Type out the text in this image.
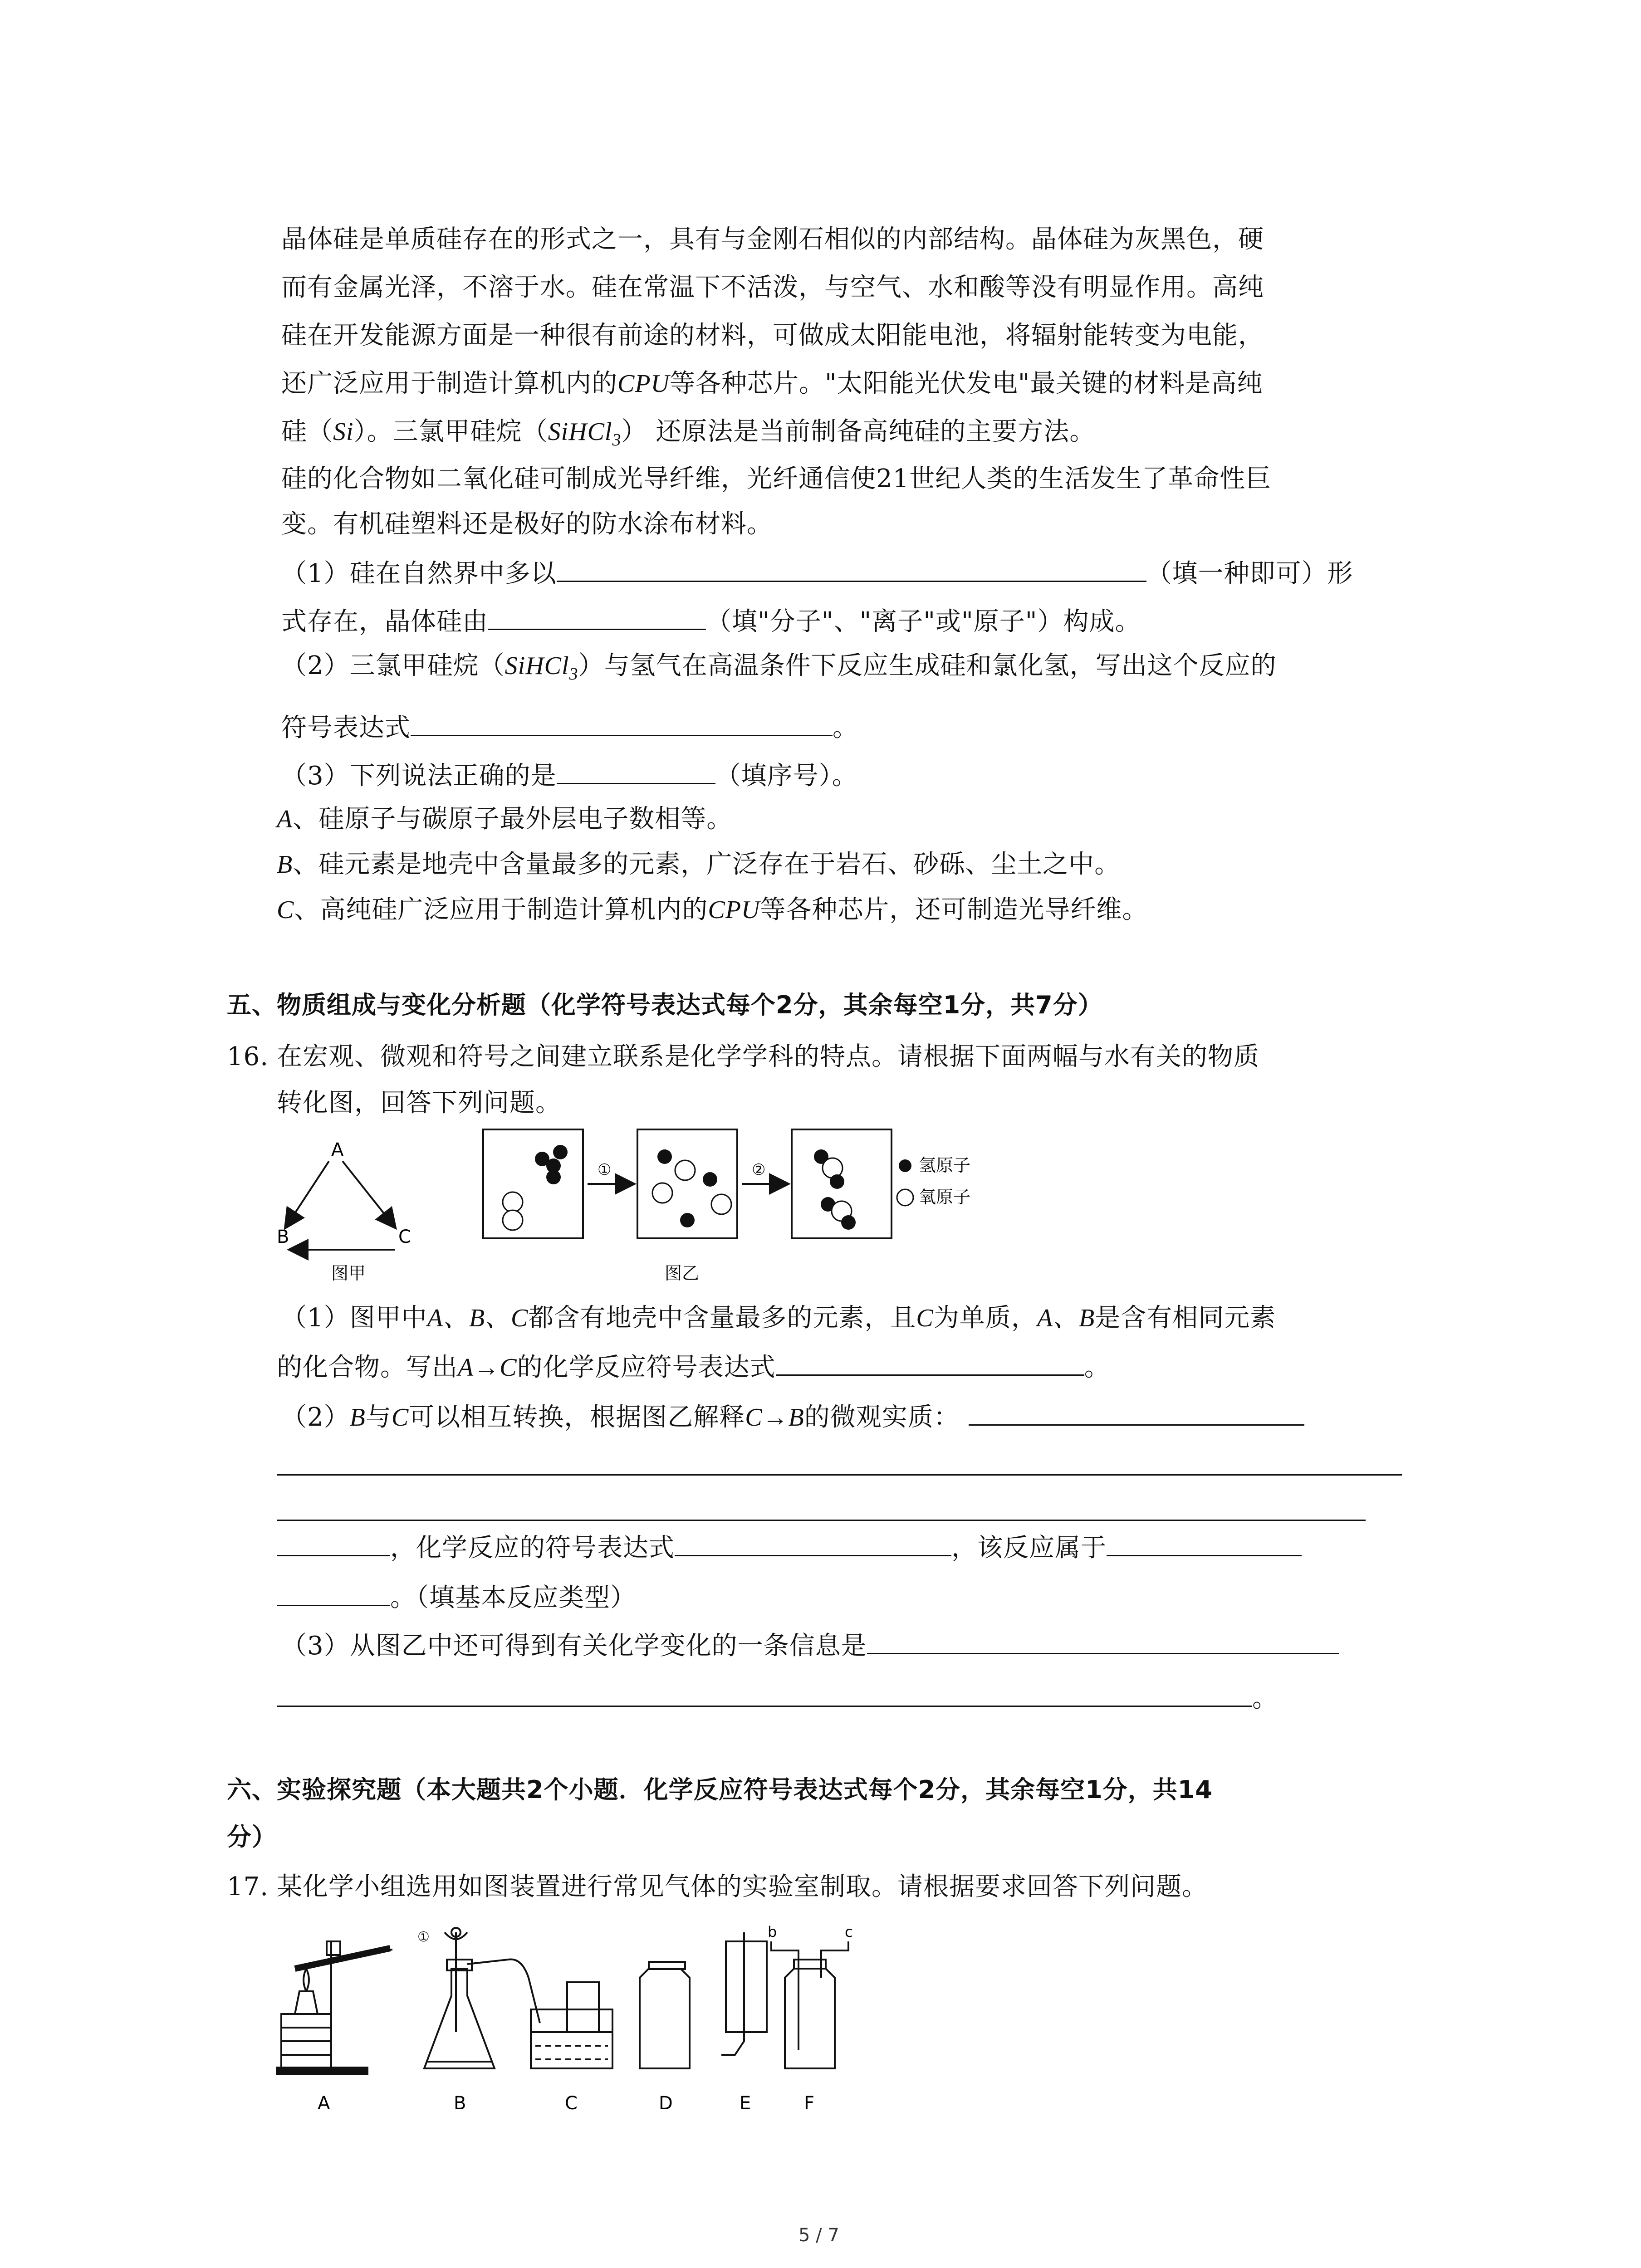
晶体硅是单质硅存在的形式之一，具有与金刚石相似的内部结构。晶体硅为灰黑色，硬
而有金属光泽，不溶于水。硅在常温下不活泼，与空气、水和酸等没有明显作用。高纯
硅在开发能源方面是一种很有前途的材料，可做成太阳能电池，将辐射能转变为电能，
还广泛应用于制造计算机内的CPU等各种芯片。"太阳能光伏发电"最关键的材料是高纯
硅（Si）。三氯甲硅烷（SiHCl$_3$） 还原法是当前制备高纯硅的主要方法。
硅的化合物如二氧化硅可制成光导纤维，光纤通信使21世纪人类的生活发生了革命性巨
变。有机硅塑料还是极好的防水涂布材料。
（1）硅在自然界中多以	（填一种即可）形
式存在，晶体硅由	（填"分子"、"离子"或"原子"）构成。
（2）三氯甲硅烷（SiHCl$_3$）与氢气在高温条件下反应生成硅和氯化氢，写出这个反应的
符号表达式	。
（3）下列说法正确的是	（填序号）。
A、硅原子与碳原子最外层电子数相等。
B、硅元素是地壳中含量最多的元素，广泛存在于岩石、砂砾、尘土之中。
C、高纯硅广泛应用于制造计算机内的CPU等各种芯片，还可制造光导纤维。
五、物质组成与变化分析题（化学符号表达式每个2分，其余每空1分，共7分）
16. 在宏观、微观和符号之间建立联系是化学学科的特点。请根据下面两幅与水有关的物质
转化图，回答下列问题。
A
B	C
图甲
①	②	氢原子
氧原子
图乙
（1）图甲中A、B、C都含有地壳中含量最多的元素，且C为单质，A、B是含有相同元素
的化合物。写出A→C的化学反应符号表达式	。
（2）B与C可以相互转换，根据图乙解释C→B的微观实质：
，化学反应的符号表达式	，该反应属于
。（填基本反应类型）
（3）从图乙中还可得到有关化学变化的一条信息是
。
六、实验探究题（本大题共2个小题．化学反应符号表达式每个2分，其余每空1分，共14
分）
17. 某化学小组选用如图装置进行常见气体的实验室制取。请根据要求回答下列问题。
①	b	c
A	B	C	D	E	F
5 / 7
